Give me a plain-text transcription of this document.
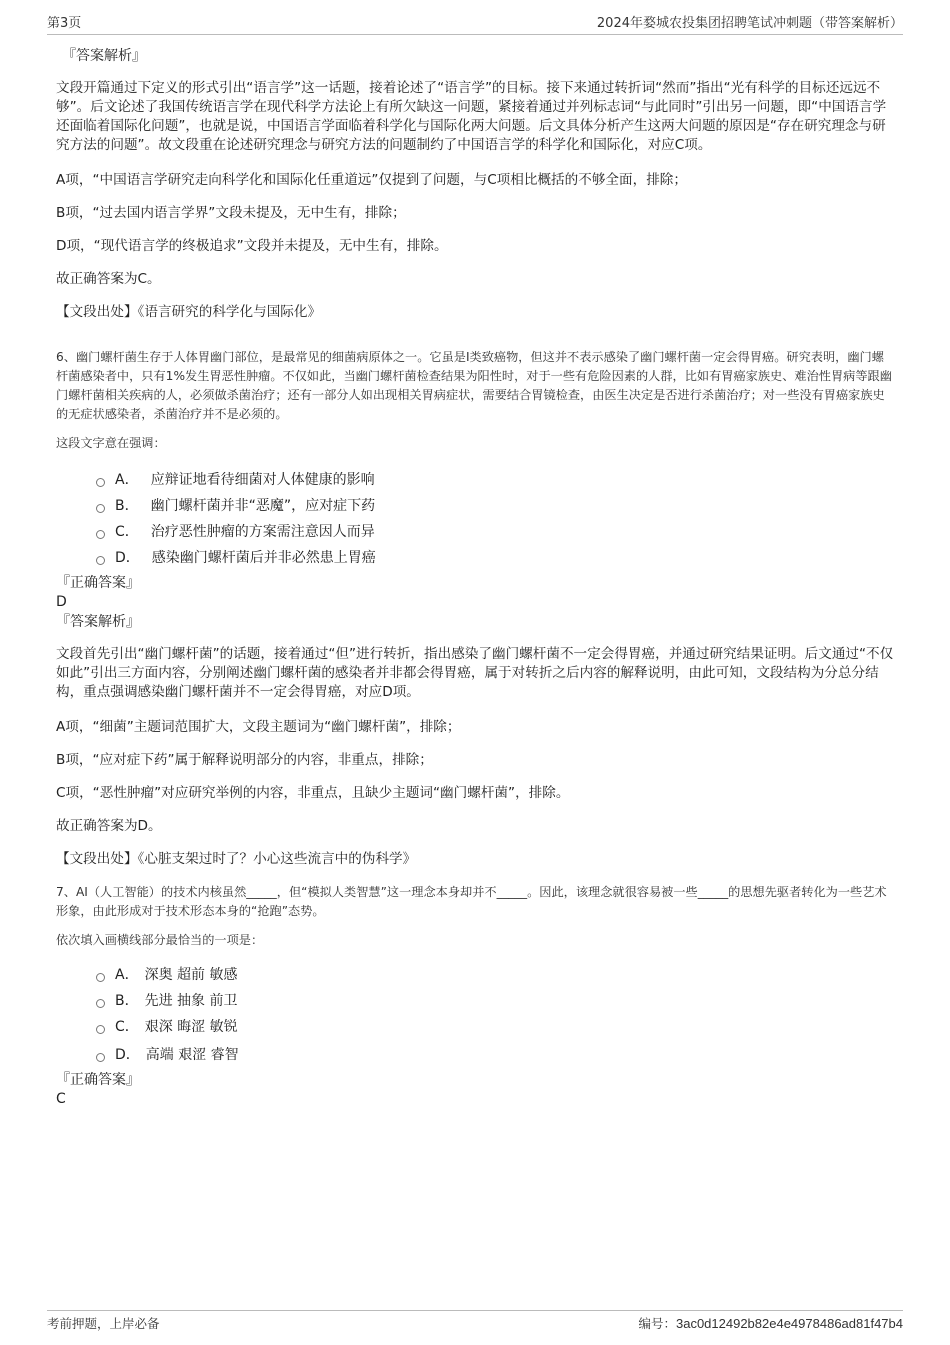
第3页	2024年婺城农投集团招聘笔试冲刺题（带答案解析）
『答案解析』

文段开篇通过下定义的形式引出“语言学”这一话题，接着论述了“语言学”的目标。接下来通过转折词“然而”指出“光有科学的目标还远远不够”。后文论述了我国传统语言学在现代科学方法论上有所欠缺这一问题，紧接着通过并列标志词“与此同时”引出另一问题，即“中国语言学还面临着国际化问题”，也就是说，中国语言学面临着科学化与国际化两大问题。后文具体分析产生这两大问题的原因是“存在研究理念与研究方法的问题”。故文段重在论述研究理念与研究方法的问题制约了中国语言学的科学化和国际化，对应C项。

A项，“中国语言学研究走向科学化和国际化任重道远”仅提到了问题，与C项相比概括的不够全面，排除；

B项，“过去国内语言学界”文段未提及，无中生有，排除；

D项，“现代语言学的终极追求”文段并未提及，无中生有，排除。

故正确答案为C。

【文段出处】《语言研究的科学化与国际化》

6、幽门螺杆菌生存于人体胃幽门部位，是最常见的细菌病原体之一。它虽是I类致癌物，但这并不表示感染了幽门螺杆菌一定会得胃癌。研究表明，幽门螺杆菌感染者中，只有1%发生胃恶性肿瘤。不仅如此，当幽门螺杆菌检查结果为阳性时，对于一些有危险因素的人群，比如有胃癌家族史、难治性胃病等跟幽门螺杆菌相关疾病的人，必须做杀菌治疗；还有一部分人如出现相关胃病症状，需要结合胃镜检查，由医生决定是否进行杀菌治疗；对一些没有胃癌家族史的无症状感染者，杀菌治疗并不是必须的。

这段文字意在强调：

A． 应辩证地看待细菌对人体健康的影响
B． 幽门螺杆菌并非“恶魔”，应对症下药
C． 治疗恶性肿瘤的方案需注意因人而异
D． 感染幽门螺杆菌后并非必然患上胃癌
『正确答案』
D
『答案解析』

文段首先引出“幽门螺杆菌”的话题，接着通过“但”进行转折，指出感染了幽门螺杆菌不一定会得胃癌，并通过研究结果证明。后文通过“不仅如此”引出三方面内容，分别阐述幽门螺杆菌的感染者并非都会得胃癌，属于对转折之后内容的解释说明，由此可知，文段结构为分总分结构，重点强调感染幽门螺杆菌并不一定会得胃癌，对应D项。

A项，“细菌”主题词范围扩大，文段主题词为“幽门螺杆菌”，排除；

B项，“应对症下药”属于解释说明部分的内容，非重点，排除；

C项，“恶性肿瘤”对应研究举例的内容，非重点，且缺少主题词“幽门螺杆菌”，排除。

故正确答案为D。

【文段出处】《心脏支架过时了？小心这些流言中的伪科学》

7、AI（人工智能）的技术内核虽然_____，但“模拟人类智慧”这一理念本身却并不_____。因此，该理念就很容易被一些_____的思想先驱者转化为一些艺术形象，由此形成对于技术形态本身的“抢跑”态势。

依次填入画横线部分最恰当的一项是：

A． 深奥 超前 敏感
B． 先进 抽象 前卫
C． 艰深 晦涩 敏锐
D． 高端 艰涩 睿智
『正确答案』
C
考前押题，上岸必备	编号：3ac0d12492b82e4e4978486ad81f47b4
